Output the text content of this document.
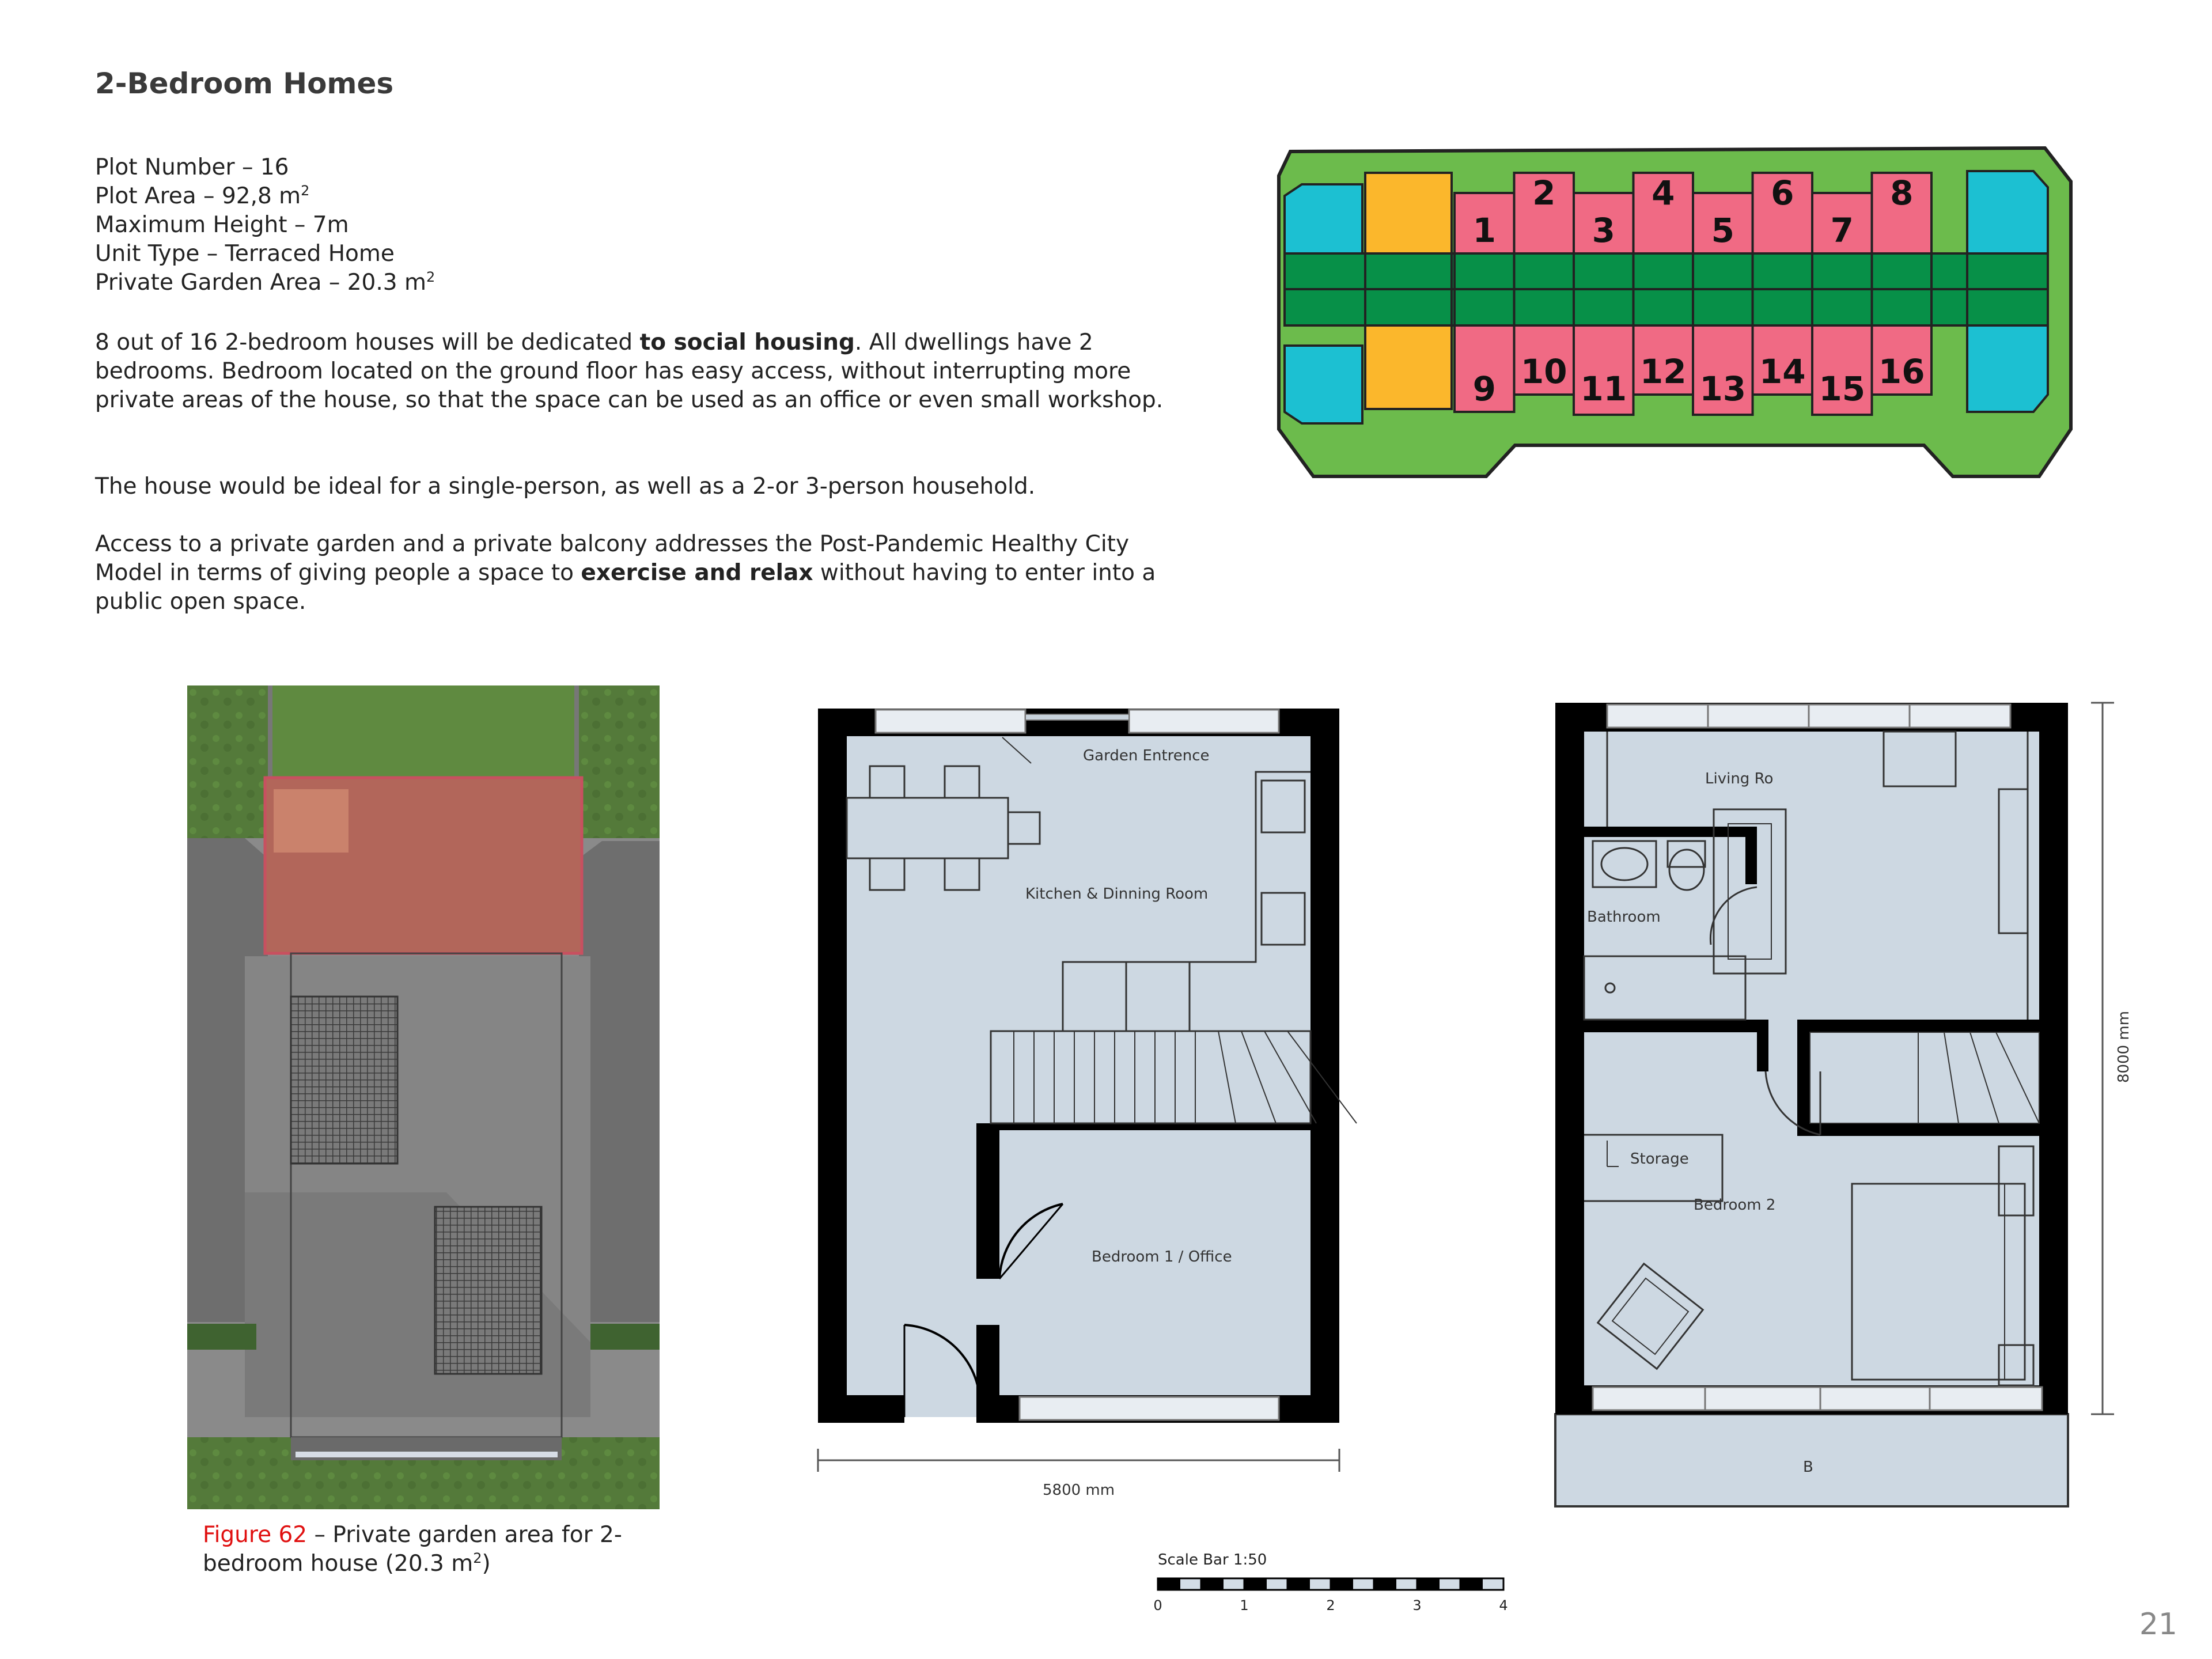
2-Bedroom Homes
Plot Number – 16
Plot Area – 92,8 $m^2$
Maximum Height – 7m
Unit Type – Terraced Home
Private Garden Area – 20.3 $m^2$
8 out of 16 2-bedroom houses will be dedicated to social housing. All dwellings have 2 bedrooms. Bedroom located on the ground floor has easy access, without interrupting more private areas of the house, so that the space can be used as an office or even small workshop.
The house would be ideal for a single-person, as well as a 2-or 3-person household.
Access to a private garden and a private balcony addresses the Post-Pandemic Healthy City Model in terms of giving people a space to exercise and relax without having to enter into a public open space.
1
2
3
4
5
6
7
8
9 10 11 12 13 14 15 16
Garden Entrence
Kitchen & Dinning Room
Bedroom 1 / Office
5800 mm
Living Ro
Bathroom
Storage
Bedroom 2
B
8000 mm
Scale Bar 1:50
0	1	2	3	4
Figure 62 – Private garden area for 2-bedroom house (20.3 $m^2$)
21
